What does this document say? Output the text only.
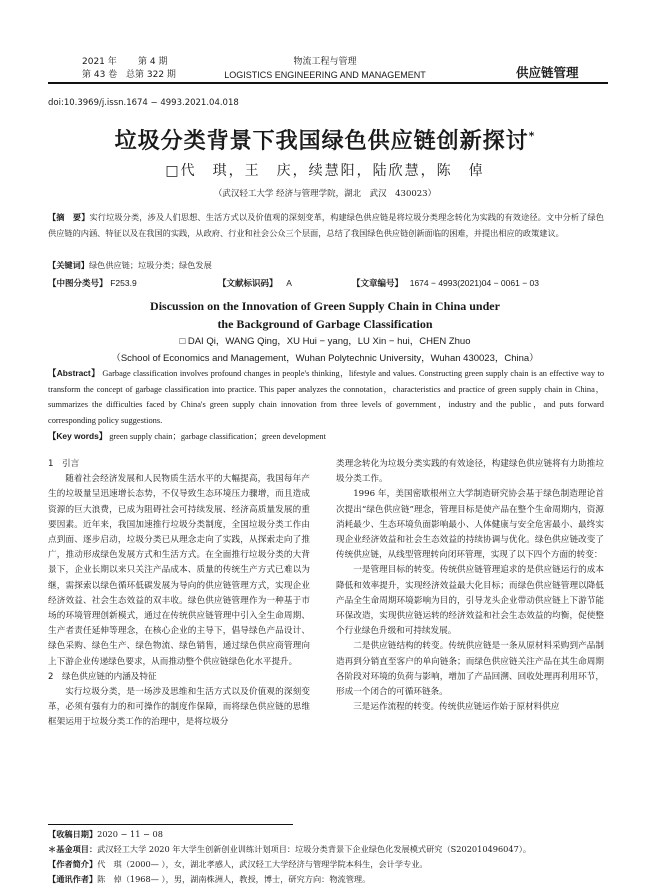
2021 年 第 4 期
第 43 卷 总第 322 期
物流工程与管理
LOGISTICS ENGINEERING AND MANAGEMENT	供应链管理
doi:10.3969/j.issn.1674 − 4993.2021.04.018
垃圾分类背景下我国绿色供应链创新探讨*
□代　琪，王　庆，续慧阳，陆欣慧，陈　倬
（武汉轻工大学 经济与管理学院，湖北　武汉　430023）
【摘　要】实行垃圾分类，涉及人们思想、生活方式以及价值观的深刻变革，构建绿色供应链是将垃圾分类理念转化为实践的有效途径。文中分析了绿色供应链的内涵、特征以及在我国的实践，从政府、行业和社会公众三个层面，总结了我国绿色供应链创新面临的困难，并提出相应的政策建议。
【关键词】绿色供应链；垃圾分类；绿色发展
【中图分类号】 F253.9	【文献标识码】 A	【文章编号】 1674 − 4993(2021)04 − 0061 − 03
Discussion on the Innovation of Green Supply Chain in China under
the Background of Garbage Classification
□ DAI Qi，WANG Qing，XU Hui − yang，LU Xin − hui，CHEN Zhuo
（School of Economics and Management，Wuhan Polytechnic University，Wuhan 430023，China）
【Abstract】 Garbage classification involves profound changes in people's thinking，lifestyle and values. Constructing green supply chain is an effective way to transform the concept of garbage classification into practice. This paper analyzes the connotation，characteristics and practice of green supply chain in China，summarizes the difficulties faced by China's green supply chain innovation from three levels of government，industry and the public，and puts forward corresponding policy suggestions.
【Key words】 green supply chain；garbage classification；green development

1　引言

随着社会经济发展和人民物质生活水平的大幅提高，我国每年产生的垃圾量呈迅速增长态势，不仅导致生态环境压力骤增，而且造成资源的巨大浪费，已成为阻碍社会可持续发展、经济高质量发展的重要因素。近年来，我国加速推行垃圾分类制度，全国垃圾分类工作由点到面、逐步启动，垃圾分类已从理念走向了实践，从探索走向了推广，推动形成绿色发展方式和生活方式。在全面推行垃圾分类的大背景下，企业长期以来只关注产品成本、质量的传统生产方式已难以为继，需探索以绿色循环低碳发展为导向的供应链管理方式，实现企业经济效益、社会生态效益的双丰收。绿色供应链管理作为一种基于市场的环境管理创新模式，通过在传统供应链管理中引入全生命周期、生产者责任延伸等理念，在核心企业的主导下，倡导绿色产品设计、绿色采购、绿色生产、绿色物流、绿色销售，通过绿色供应商管理向上下游企业传递绿色要求，从而推动整个供应链绿色化水平提升。

2　绿色供应链的内涵及特征

实行垃圾分类，是一场涉及思维和生活方式以及价值观的深刻变革，必须有强有力的和可操作的制度作保障，而将绿色供应链的思维框架运用于垃圾分类工作的治理中，是将垃圾分

类理念转化为垃圾分类实践的有效途径，构建绿色供应链将有力助推垃圾分类工作。

1996 年，美国密歇根州立大学制造研究协会基于绿色制造理论首次提出“绿色供应链”理念，管理目标是使产品在整个生命周期内，资源消耗最少、生态环境负面影响最小、人体健康与安全危害最小、最终实现企业经济效益和社会生态效益的持续协调与优化。绿色供应链改变了传统供应链，从线型管理转向闭环管理，实现了以下四个方面的转变：

一是管理目标的转变。传统供应链管理追求的是供应链运行的成本降低和效率提升，实现经济效益最大化目标；而绿色供应链管理以降低产品全生命周期环境影响为目的，引导龙头企业带动供应链上下游节能环保改造，实现供应链运转的经济效益和社会生态效益的均衡，促使整个行业绿色升级和可持续发展。

二是供应链结构的转变。传统供应链是一条从原材料采购到产品制造再到分销直至客户的单向链条；而绿色供应链关注产品在其生命周期各阶段对环境的负荷与影响，增加了产品回溯、回收处理再利用环节，形成一个闭合的可循环链条。

三是运作流程的转变。传统供应链运作始于原材料供应

【收稿日期】2020 − 11 − 08
＊基金项目：武汉轻工大学 2020 年大学生创新创业训练计划项目：垃圾分类背景下企业绿色化发展模式研究（S202010496047）。
【作者简介】代　琪（2000— ），女，湖北孝感人，武汉轻工大学经济与管理学院本科生，会计学专业。
【通讯作者】陈　倬（1968— ），男，湖南株洲人，教授，博士，研究方向：物流管理。
